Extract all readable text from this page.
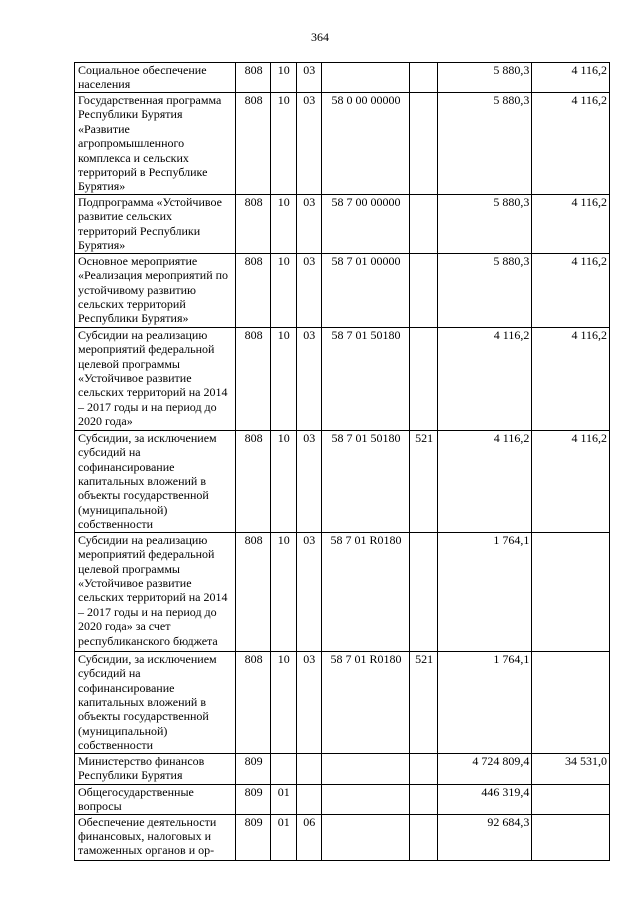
364
Социальное обеспечение населения	808	10	03			5 880,3	4 116,2
Государственная программа Республики Бурятия «Развитие агропромышленного комплекса и сельских территорий в Республике Бурятия»	808	10	03	58 0 00 00000		5 880,3	4 116,2
Подпрограмма «Устойчивое развитие сельских территорий Республики Бурятия»	808	10	03	58 7 00 00000		5 880,3	4 116,2
Основное мероприятие «Реализация мероприятий по устойчивому развитию сельских территорий Республики Бурятия»	808	10	03	58 7 01 00000		5 880,3	4 116,2
Субсидии на реализацию мероприятий федеральной целевой программы «Устойчивое развитие сельских территорий на 2014 – 2017 годы и на период до 2020 года»	808	10	03	58 7 01 50180		4 116,2	4 116,2
Субсидии, за исключением субсидий на софинансирование капитальных вложений в объекты государственной (муниципальной) собственности	808	10	03	58 7 01 50180	521	4 116,2	4 116,2
Субсидии на реализацию мероприятий федеральной целевой программы «Устойчивое развитие сельских территорий на 2014 – 2017 годы и на период до 2020 года» за счет республиканского бюджета	808	10	03	58 7 01 R0180		1 764,1	
Субсидии, за исключением субсидий на софинансирование капитальных вложений в объекты государственной (муниципальной) собственности	808	10	03	58 7 01 R0180	521	1 764,1	
Министерство финансов Республики Бурятия	809					4 724 809,4	34 531,0
Общегосударственные вопросы	809	01				446 319,4	
Обеспечение деятельности финансовых, налоговых и таможенных органов и ор-	809	01	06			92 684,3	
